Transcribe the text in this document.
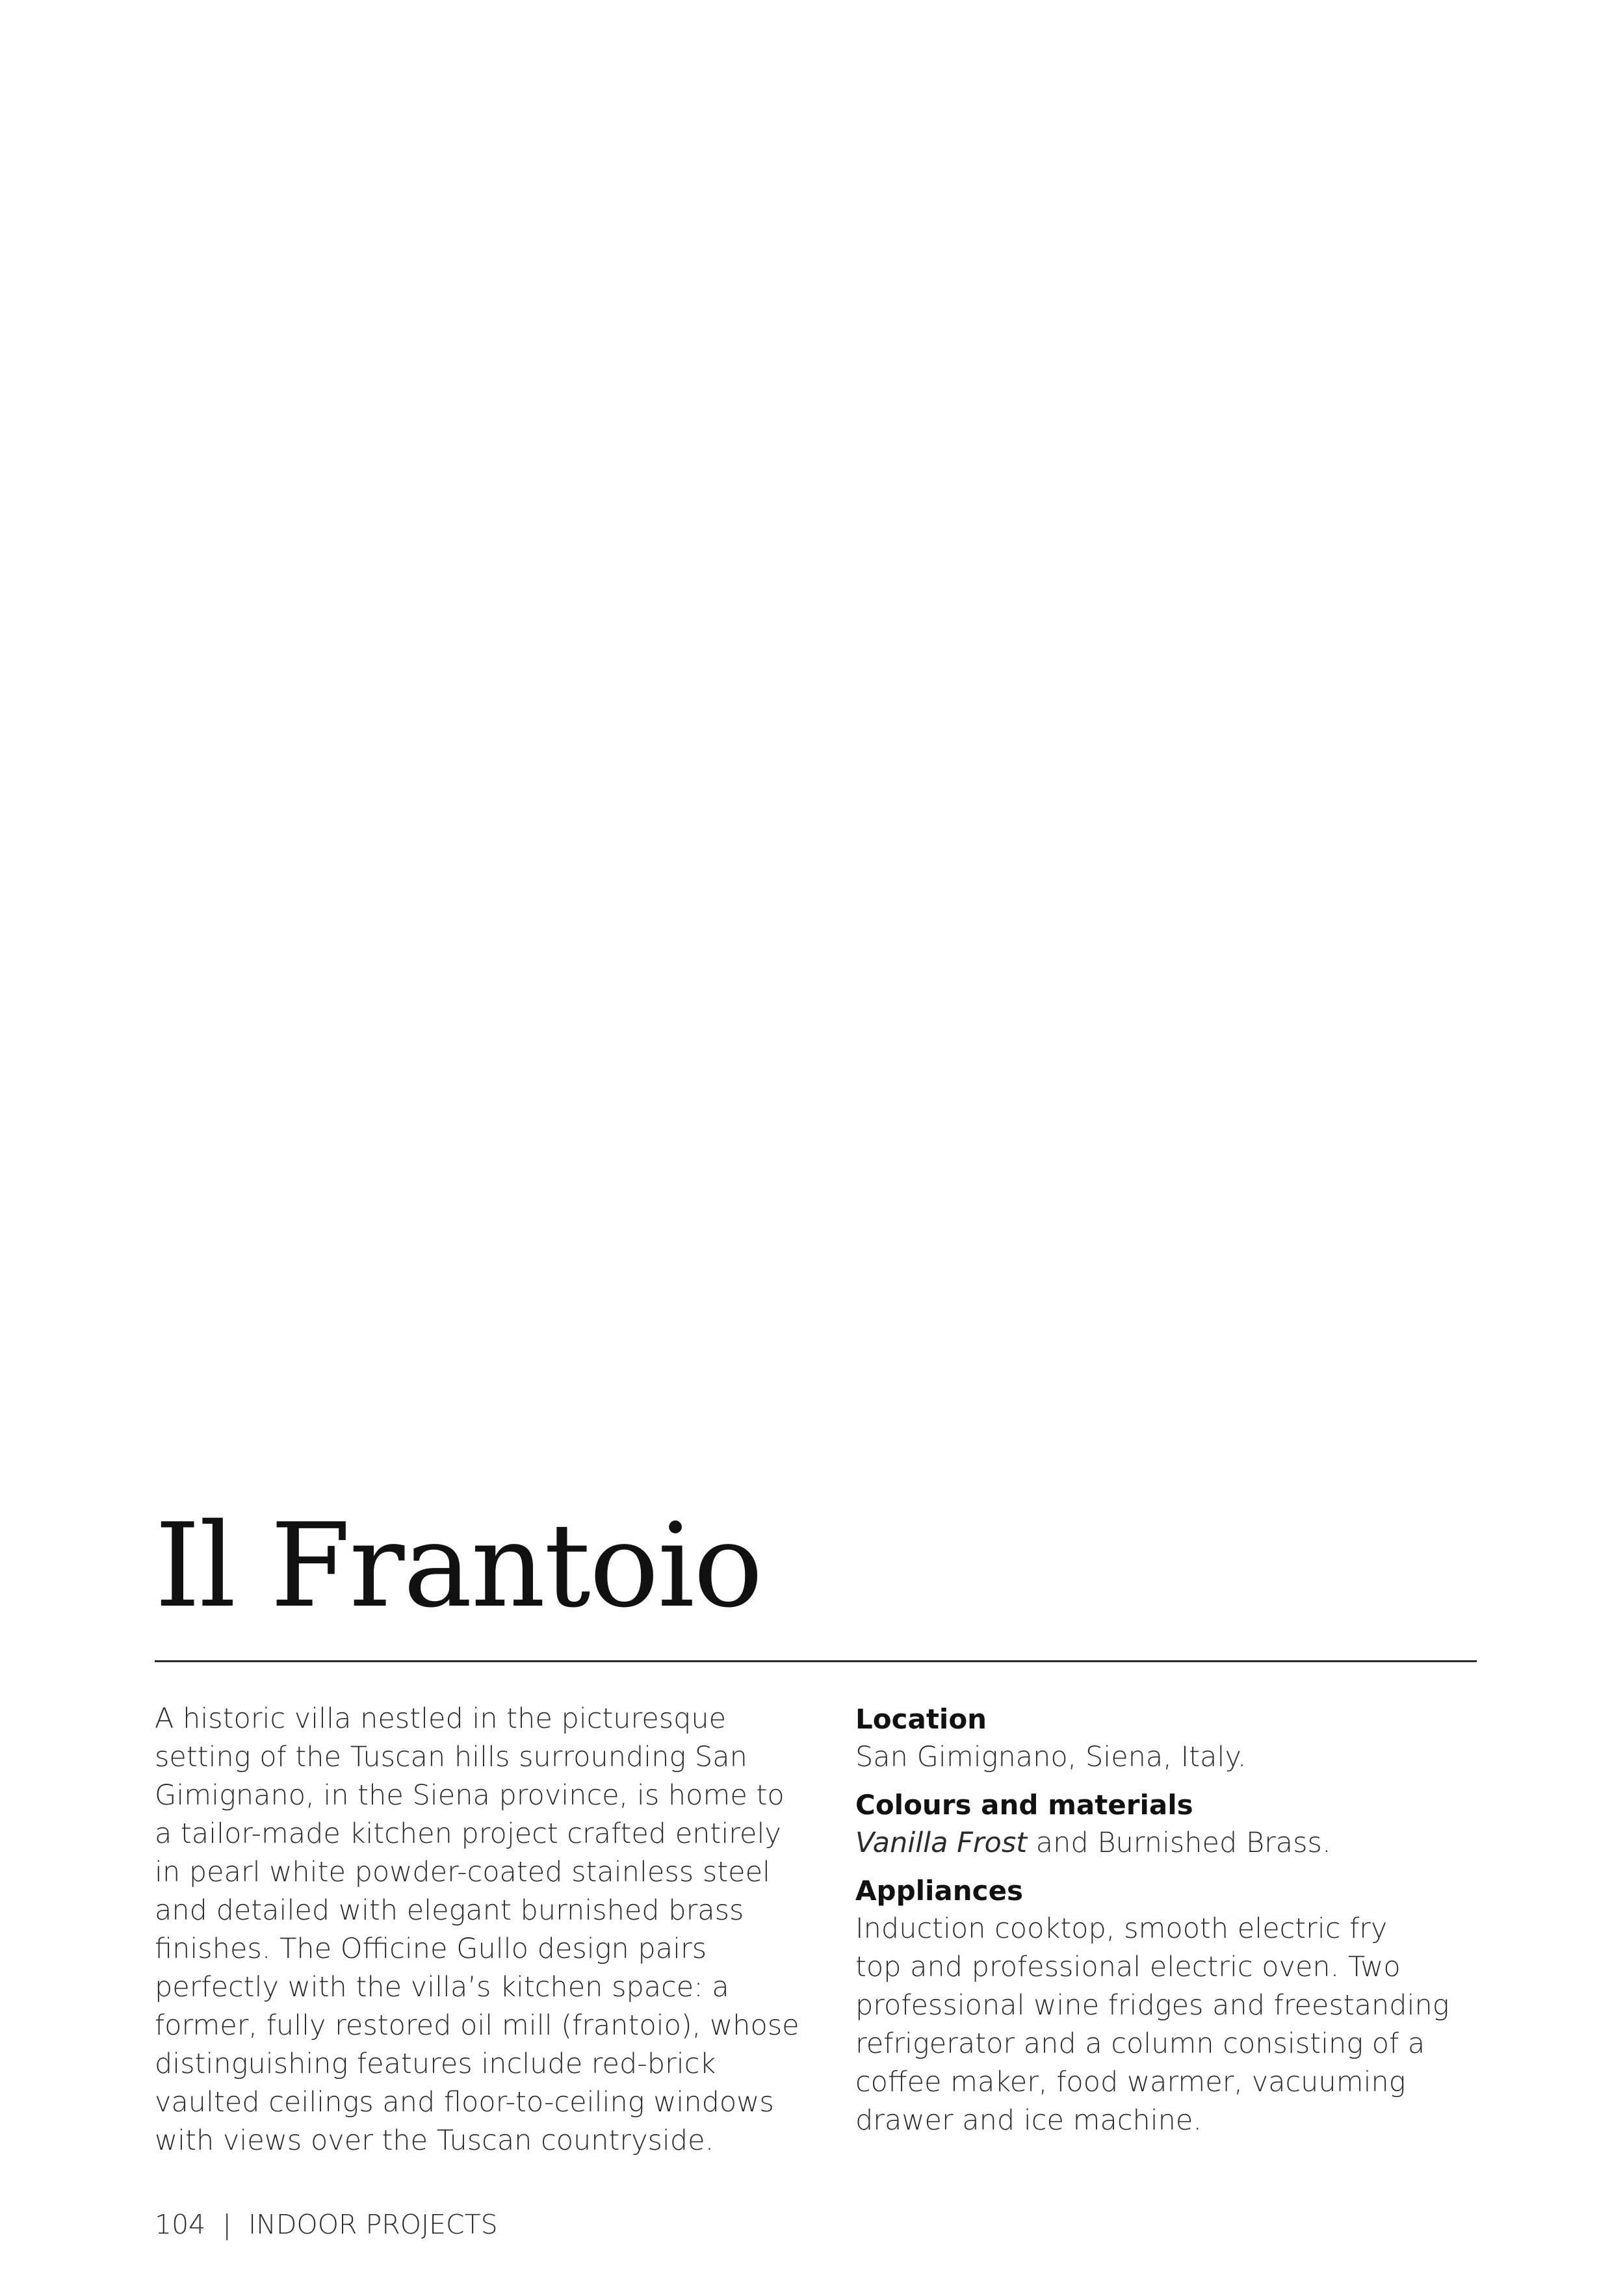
Il Frantoio

A historic villa nestled in the picturesque
setting of the Tuscan hills surrounding San
Gimignano, in the Siena province, is home to
a tailor-made kitchen project crafted entirely
in pearl white powder-coated stainless steel
and detailed with elegant burnished brass
finishes. The Officine Gullo design pairs
perfectly with the villa’s kitchen space: a
former, fully restored oil mill (frantoio), whose
distinguishing features include red-brick
vaulted ceilings and floor-to-ceiling windows
with views over the Tuscan countryside.

Location
San Gimignano, Siena, Italy.
Colours and materials
Vanilla Frost and Burnished Brass.
Appliances
Induction cooktop, smooth electric fry
top and professional electric oven. Two
professional wine fridges and freestanding
refrigerator and a column consisting of a
coffee maker, food warmer, vacuuming
drawer and ice machine.
104 | INDOOR PROJECTS
